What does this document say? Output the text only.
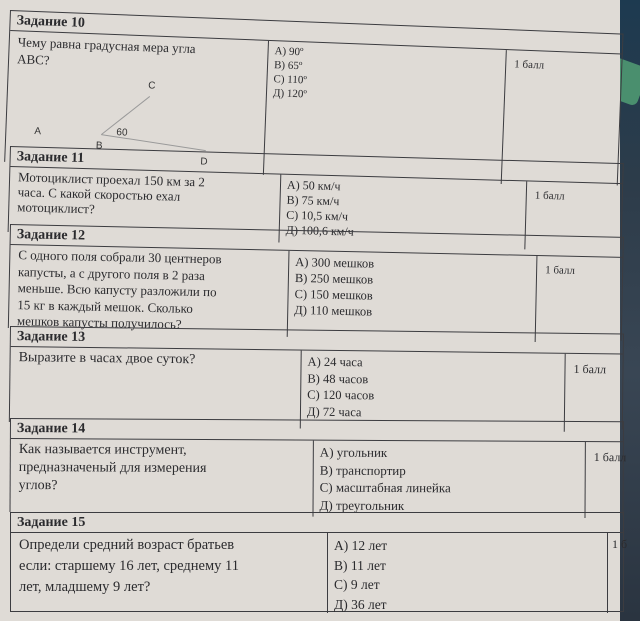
Задание 10
Чему равна градусная мера угла
АВС?
C
A
B
60
D
А) 90º
В) 65º
С) 110º
Д) 120º
1 балл
Задание 11
Мотоциклист проехал 150 км за 2
часа. С какой скоростью ехал
мотоциклист?
А) 50 км/ч
В) 75 км/ч
С) 10,5 км/ч
Д) 100,6 км/ч
1 балл
Задание 12
С одного поля собрали 30 центнеров
капусты, а с другого поля в 2 раза
меньше. Всю капусту разложили по
15 кг в каждый мешок. Сколько
мешков капусты получилось?
А) 300 мешков
В) 250 мешков
С) 150 мешков
Д) 110 мешков
1 балл
Задание 13
Выразите в часах двое суток?	А) 24 часа
В) 48 часов
С) 120 часов
Д) 72 часа
1 балл
Задание 14
Как называется инструмент,
предназначеный для измерения
углов?
А) угольник
В) транспортир
С) масштабная линейка
Д) треугольник
1 балл
Задание 15
Определи средний возраст братьев
если: старшему 16 лет, среднему 11
лет, младшему 9 лет?
А) 12 лет
В) 11 лет
С) 9 лет
Д) 36 лет
1 б
